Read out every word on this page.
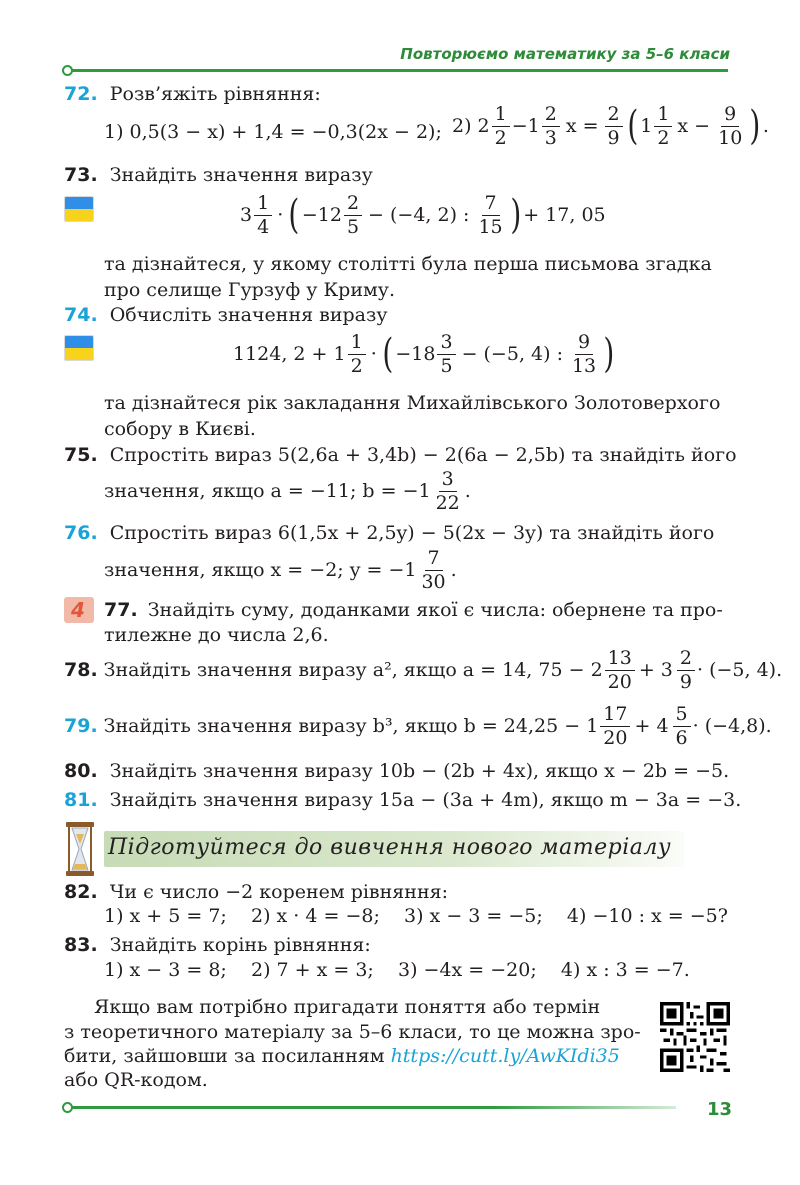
Повторюємо математику за 5–6 класи
72. Розв’яжіть рівняння:
1) 0,5(3 − x) + 1,4 = −0,3(2x − 2); 2) $2 \frac{1}{2} -1 \frac{2}{3}$ $x = \frac{2}{9}$ ( $1 \frac{1}{2}$ $x - \frac{9}{10}$ ) .
73. Знайдіть значення виразу
$3 \frac{1}{4}$ · ( $-12 \frac{2}{5} - (-4$, 2) : $\frac{7}{15}$ ) + 17, 05
та дізнайтеся, у якому столітті була перша письмова згадка
про селище Гурзуф у Криму.
74. Обчисліть значення виразу
1124, $2 + 1 \frac{1}{2}$ · ( $-18 \frac{3}{5} - (-5$, 4) : $\frac{9}{13}$ )
та дізнайтеся рік закладання Михайлівського Золотоверхого
собору в Києві.
75. Спростіть вираз 5(2,6a + 3,4b) − 2(6a − 2,5b) та знайдіть його
значення, якщо a = −11; $b = -1 \frac{3}{22}$ .
76. Спростіть вираз 6(1,5x + 2,5y) − 5(2x − 3y) та знайдіть його
значення, якщо x = −2; $y = -1 \frac{7}{30}$ .
4 77. Знайдіть суму, доданками якої є числа: обернене та про-
тилежне до числа 2,6.
78. Знайдіть значення виразу a², якщо a = 14, $75 - 2 \frac{13}{20} + 3 \frac{2}{9} \cdot (-5$, 4).
79. Знайдіть значення виразу b³, якщо $b = 24,25 - 1 \frac{17}{20} + 4 \frac{5}{6} \cdot (-4,8)$.
80. Знайдіть значення виразу 10b − (2b + 4x), якщо x − 2b = −5.
81. Знайдіть значення виразу 15a − (3a + 4m), якщо m − 3a = −3.
Підготуйтеся до вивчення нового матеріалу
82. Чи є число −2 коренем рівняння:
1) x + 5 = 7;    2) x · 4 = −8;    3) x − 3 = −5;    4) −10 : x = −5?
83. Знайдіть корінь рівняння:
1) x − 3 = 8;    2) 7 + x = 3;    3) −4x = −20;    4) x : 3 = −7.
Якщо вам потрібно пригадати поняття або термін
з теоретичного матеріалу за 5–6 класи, то це можна зро-
бити, зайшовши за посиланням https://cutt.ly/AwKIdi35
або QR-кодом.
13
